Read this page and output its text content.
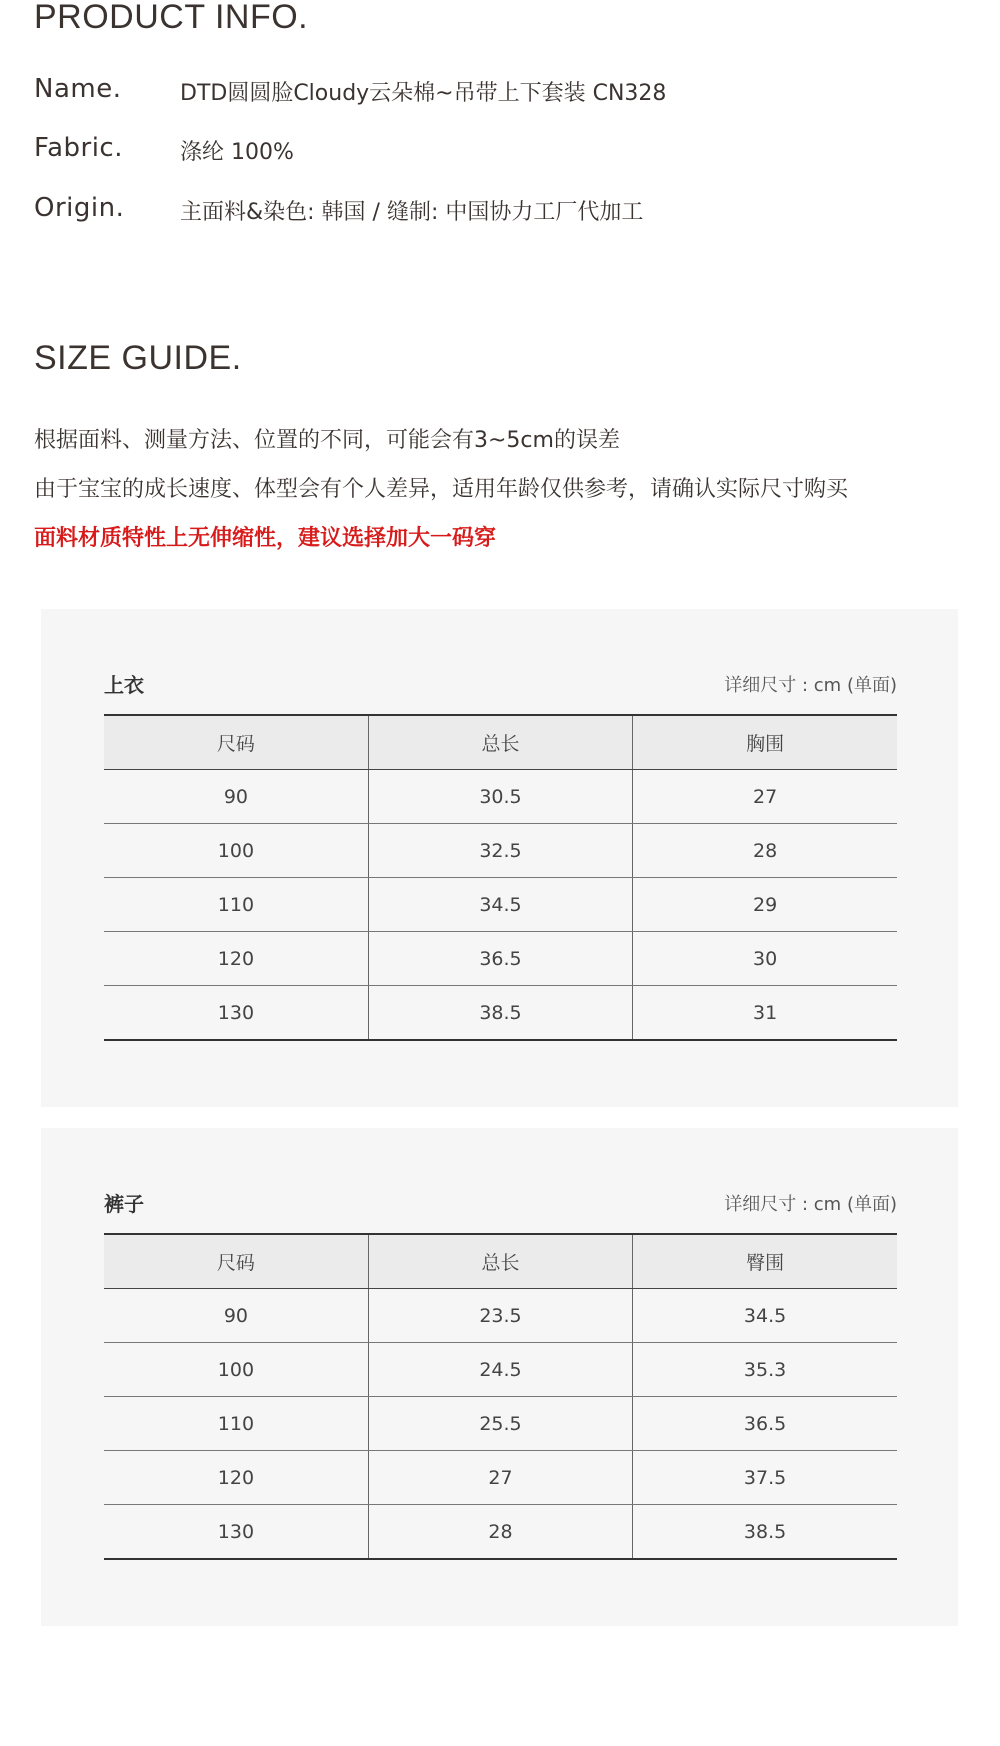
PRODUCT INFO.
Name.	DTD圆圆脸Cloudy云朵棉~吊带上下套装 CN328
Fabric.	涤纶 100%
Origin.	主面料&染色: 韩国 / 缝制: 中国协力工厂代加工
SIZE GUIDE.
根据面料、测量方法、位置的不同，可能会有3~5cm的误差
由于宝宝的成长速度、体型会有个人差异，适用年龄仅供参考，请确认实际尺寸购买
面料材质特性上无伸缩性，建议选择加大一码穿
上衣	详细尺寸 : cm (单面)
尺码	总长	胸围
90	30.5	27
100	32.5	28
110	34.5	29
120	36.5	30
130	38.5	31
裤子	详细尺寸 : cm (单面)
尺码	总长	臀围
90	23.5	34.5
100	24.5	35.3
110	25.5	36.5
120	27	37.5
130	28	38.5
